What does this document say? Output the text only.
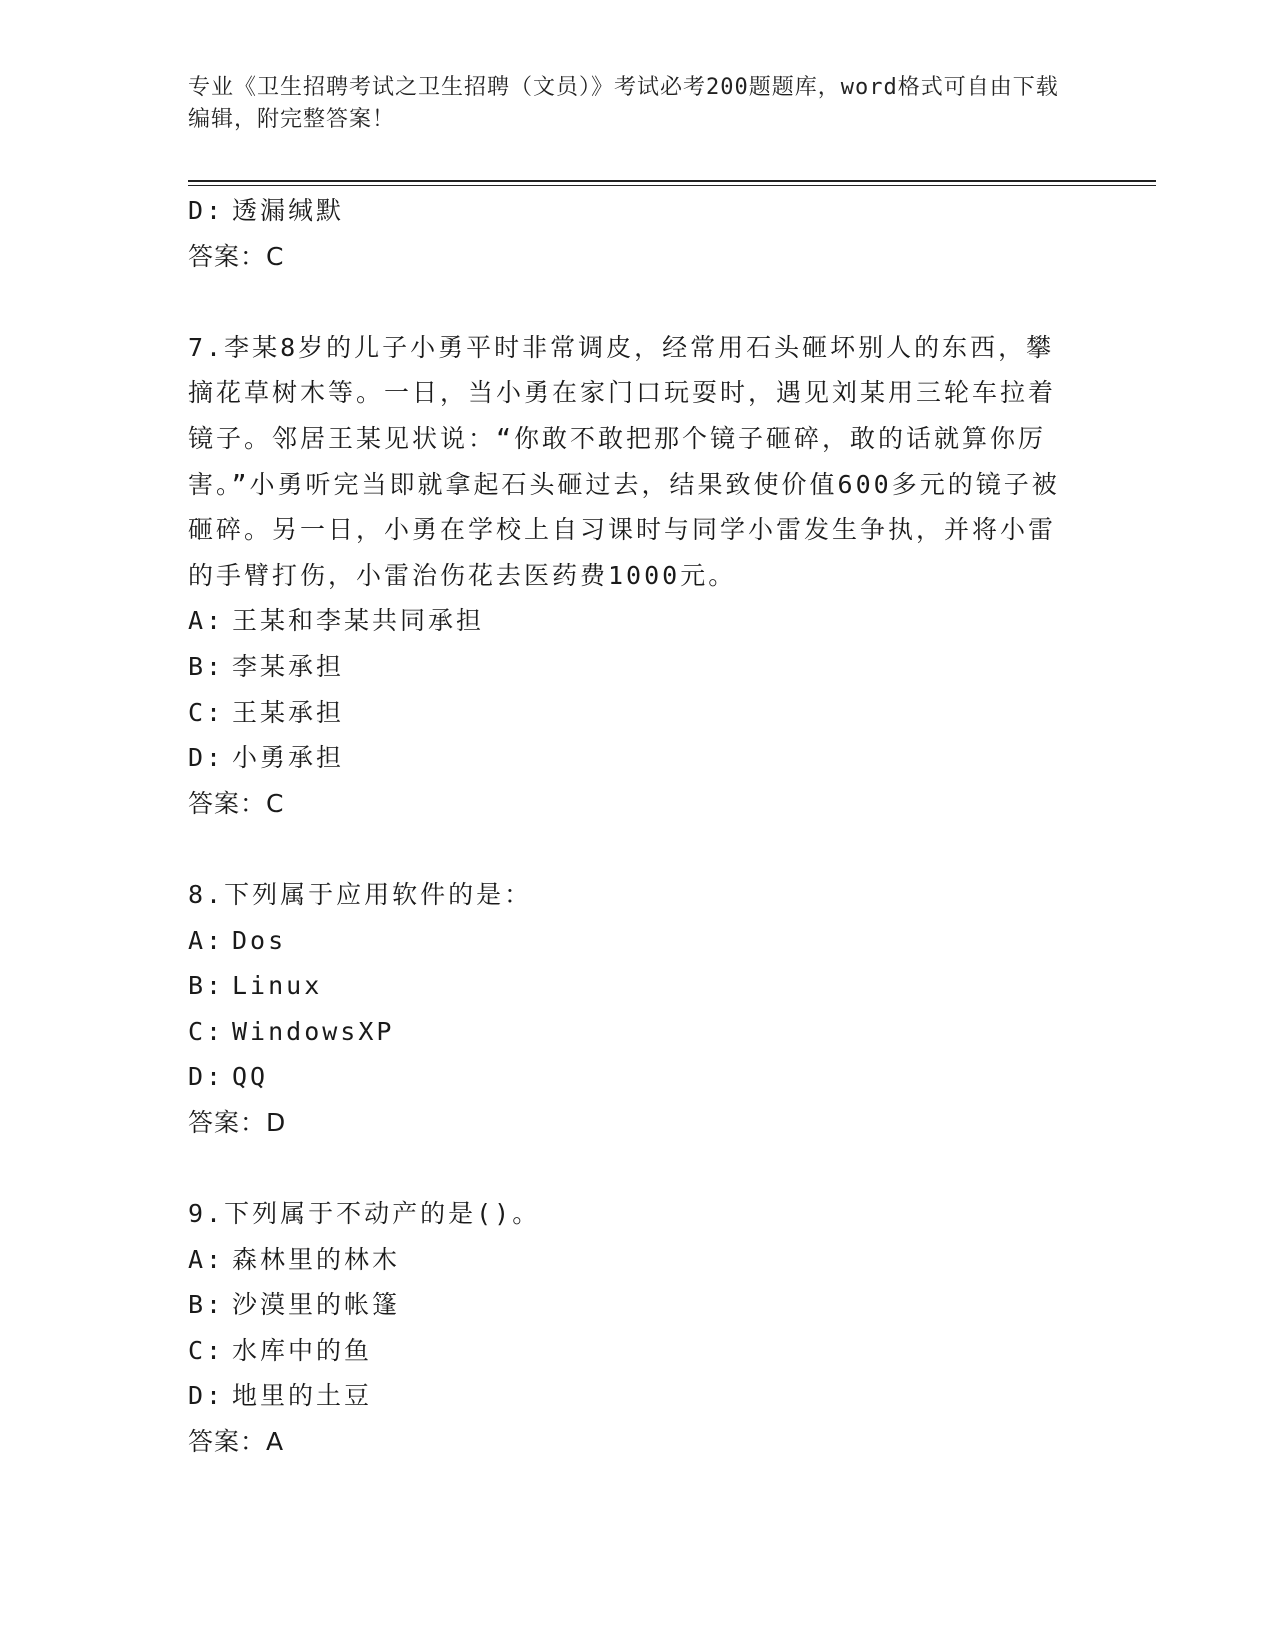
专业《卫生招聘考试之卫生招聘（文员）》考试必考200题题库，word格式可自由下载编辑，附完整答案！
D: 透漏缄默
答案：C
7.李某8岁的儿子小勇平时非常调皮，经常用石头砸坏别人的东西，攀摘花草树木等。一日，当小勇在家门口玩耍时，遇见刘某用三轮车拉着镜子。邻居王某见状说：“你敢不敢把那个镜子砸碎，敢的话就算你厉害。”小勇听完当即就拿起石头砸过去，结果致使价值600多元的镜子被砸碎。另一日，小勇在学校上自习课时与同学小雷发生争执，并将小雷的手臂打伤，小雷治伤花去医药费1000元。
A: 王某和李某共同承担
B: 李某承担
C: 王某承担
D: 小勇承担
答案：C
8.下列属于应用软件的是：
A: Dos
B: Linux
C: WindowsXP
D: QQ
答案：D
9.下列属于不动产的是()。
A: 森林里的林木
B: 沙漠里的帐篷
C: 水库中的鱼
D: 地里的土豆
答案：A
